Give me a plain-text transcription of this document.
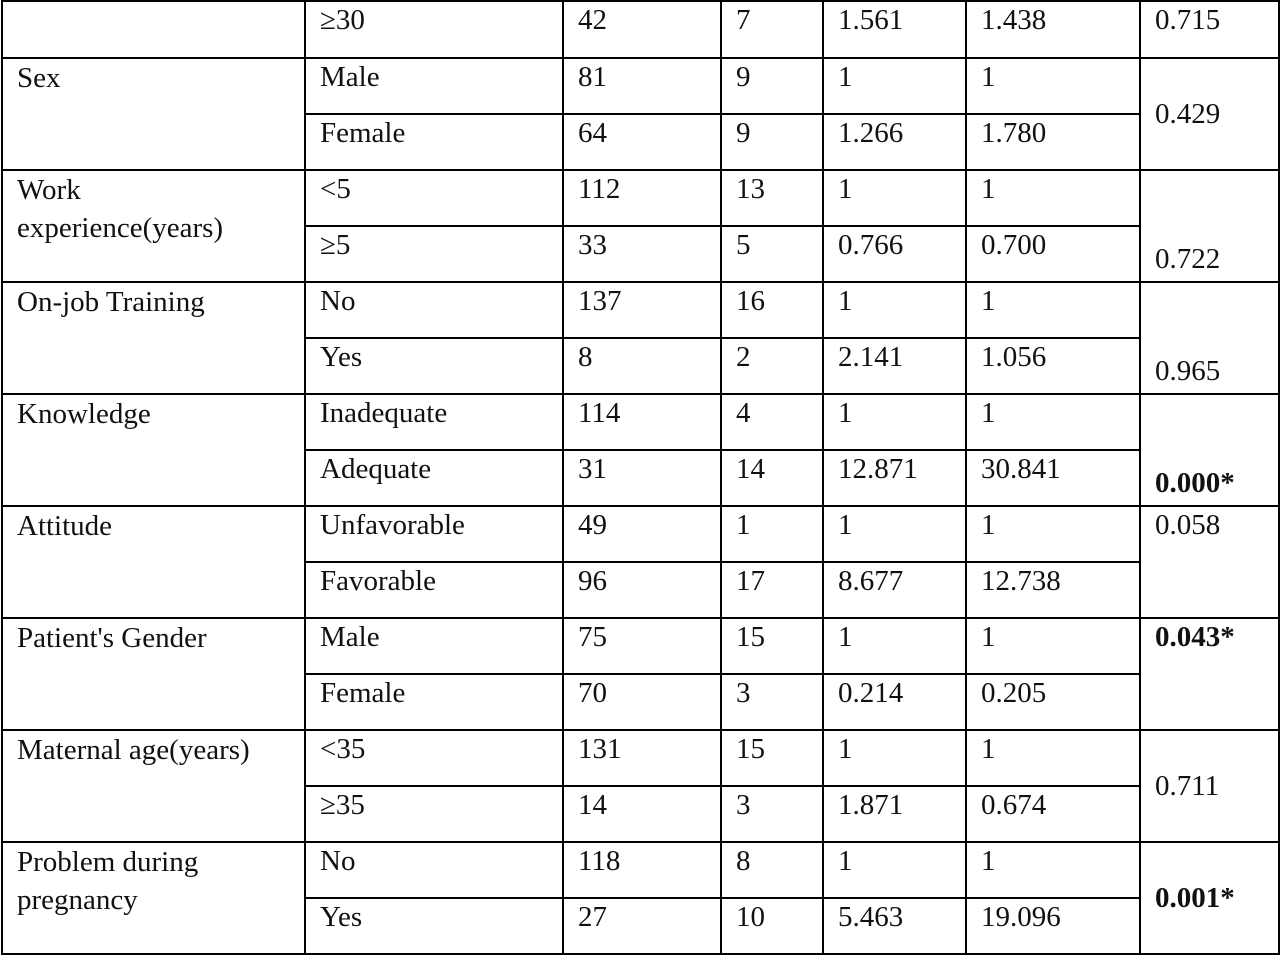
	≥30	42	7	1.561	1.438	0.715
Sex	Male	81	9	1	1	0.429
	Female	64	9	1.266	1.780	
Work experience(years)	<5	112	13	1	1	0.722
	≥5	33	5	0.766	0.700	
On-job Training	No	137	16	1	1	0.965
	Yes	8	2	2.141	1.056	
Knowledge	Inadequate	114	4	1	1	0.000*
	Adequate	31	14	12.871	30.841	
Attitude	Unfavorable	49	1	1	1	0.058
	Favorable	96	17	8.677	12.738	
Patient's Gender	Male	75	15	1	1	0.043*
	Female	70	3	0.214	0.205	
Maternal age(years)	<35	131	15	1	1	0.711
	≥35	14	3	1.871	0.674	
Problem during pregnancy	No	118	8	1	1	0.001*
	Yes	27	10	5.463	19.096	
